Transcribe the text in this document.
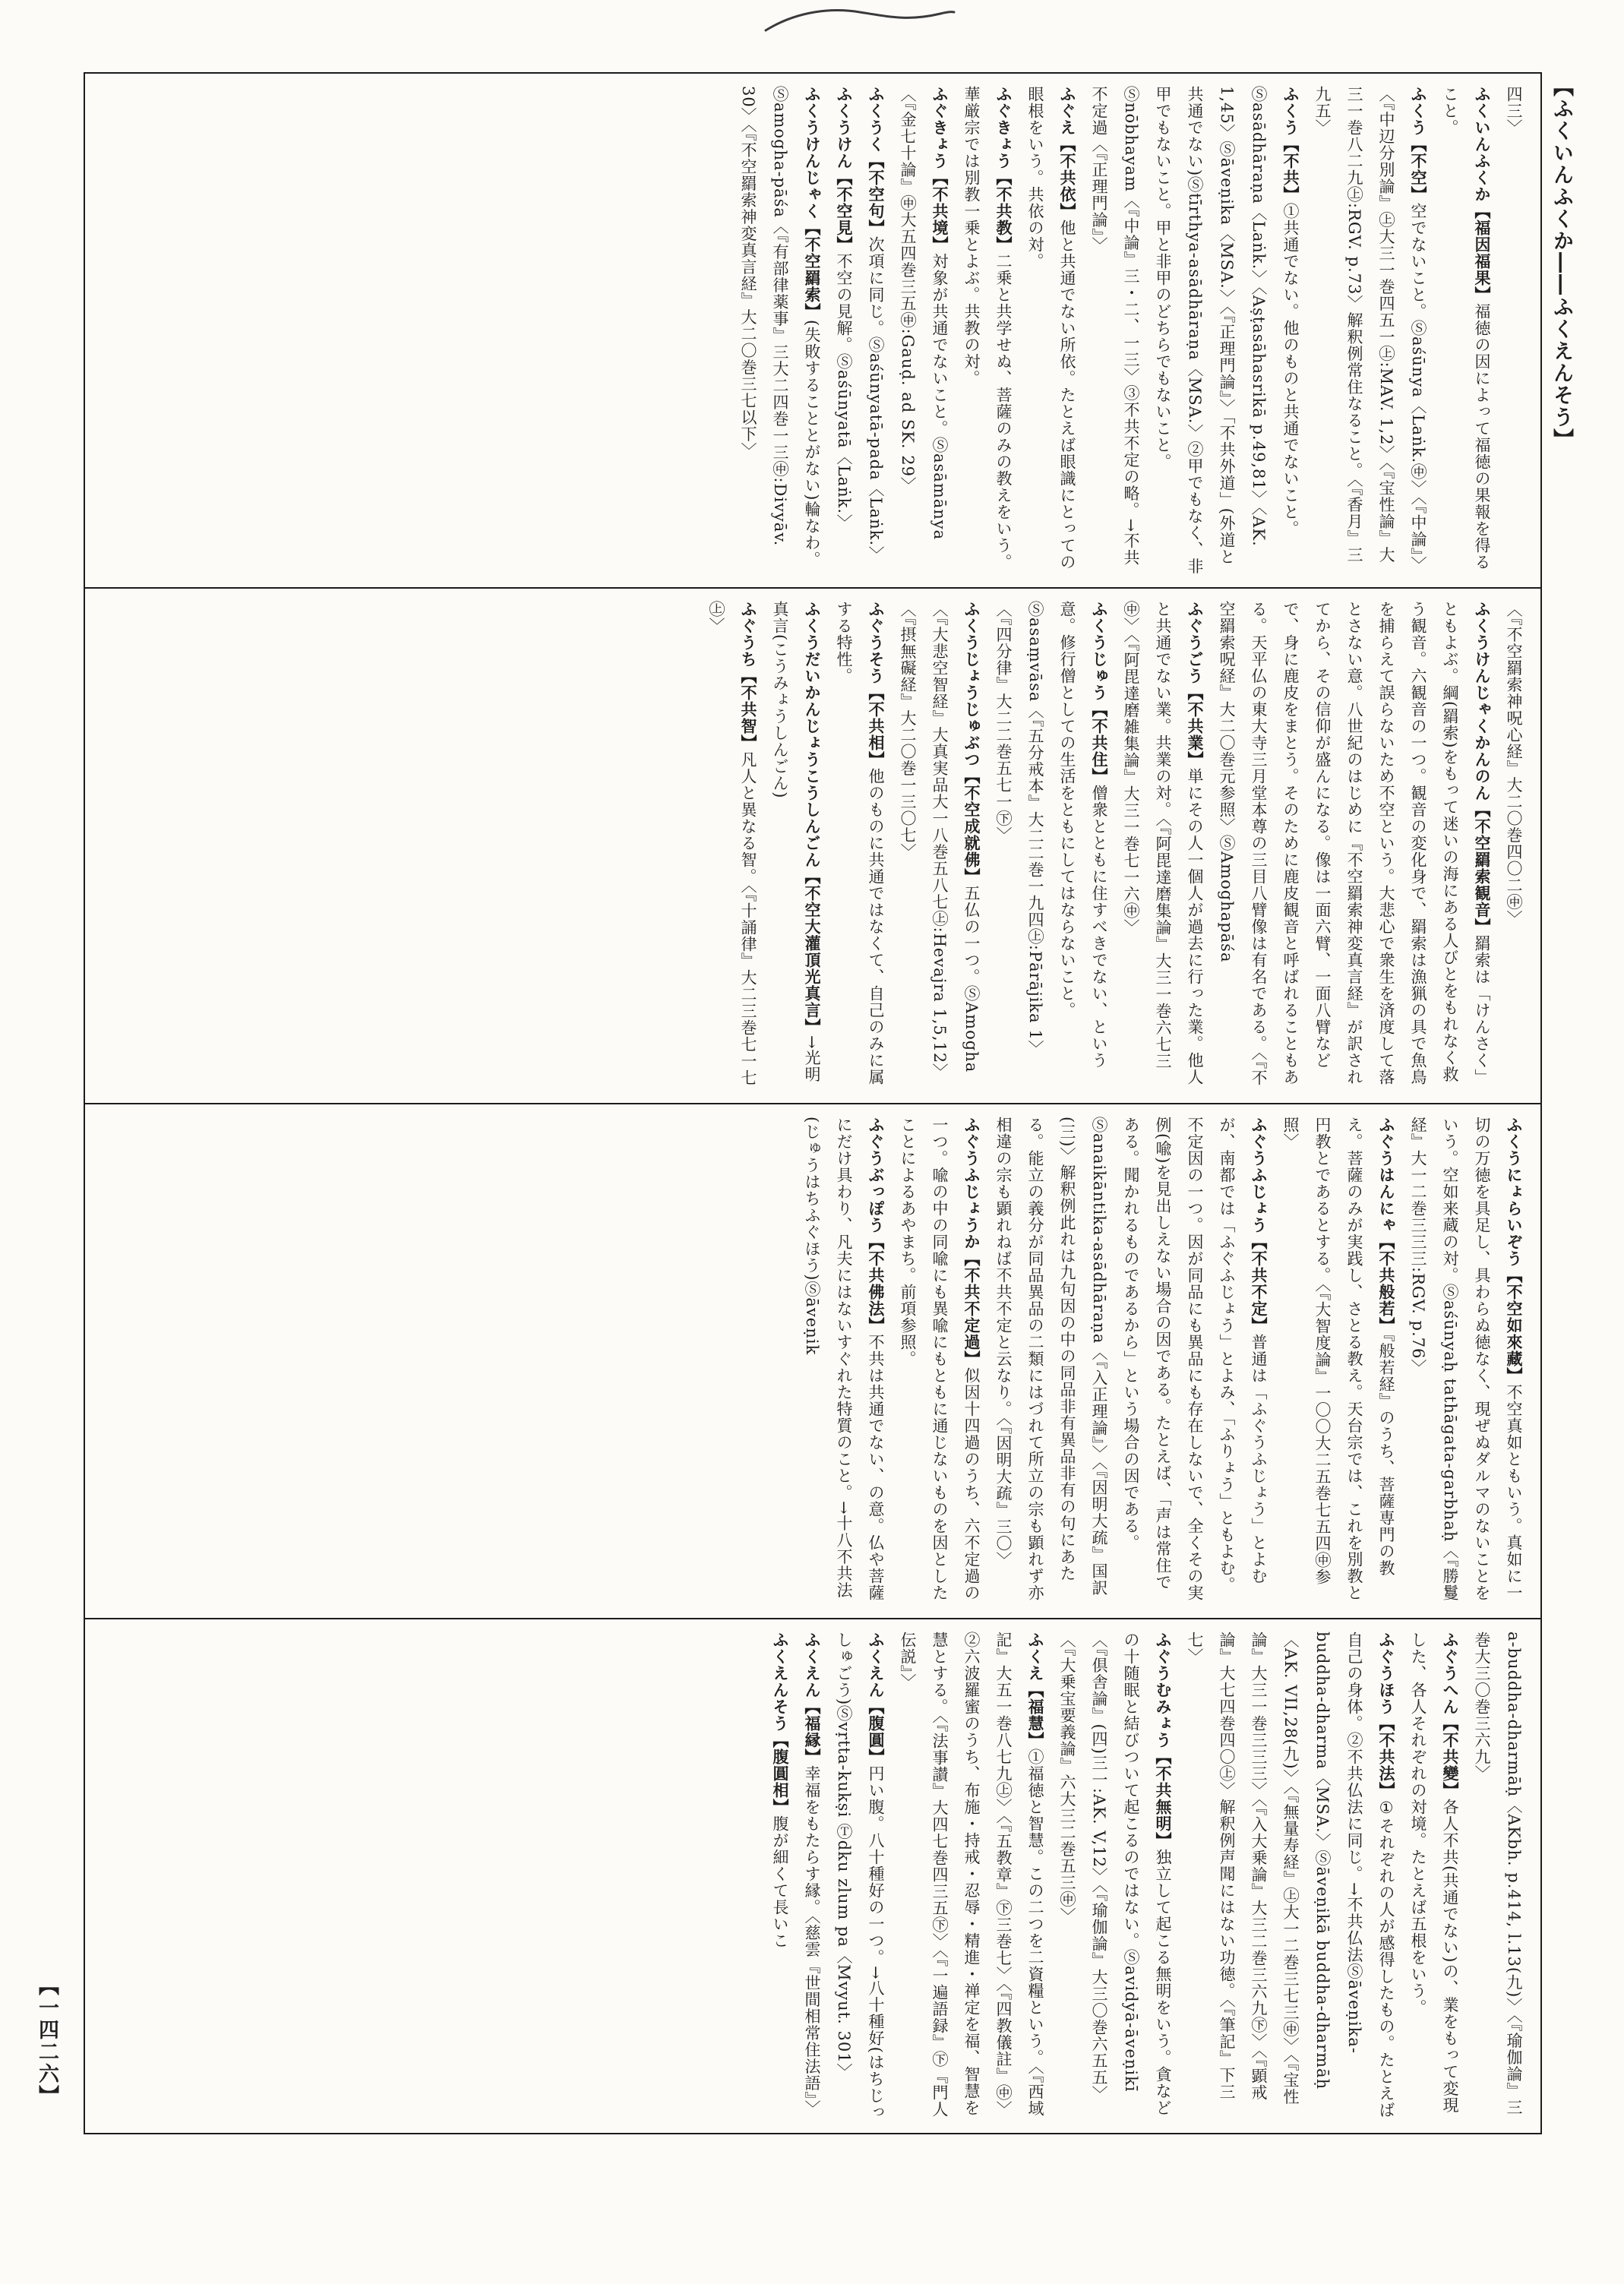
【ふくいんふくか――ふくえんそう】
四三〉
ふくいんふくか【福因福果】福徳の因によって福徳の果報を得ること。
ふくう【不空】空でないこと。Ⓢaśūnya〈Laṅk.㊥〉〈『中論』〉〈『中辺分別論』㊤大三一巻四五一㊤:MAV. 1,2〉〈『宝性論』大三一巻八二九㊤:RGV. p.73〉解釈例常住なること。〈『香月』三九五〉
ふくう【不共】①共通でない。他のものと共通でないこと。Ⓢasādhāraṇa〈Laṅk.〉〈Aṣṭasāhasrikā p.49,81〉〈AK. 1,45〉Ⓢāveṇika〈MSA.〉〈『正理門論』〉「不共外道」(外道と共通でない)Ⓢtīrthya-asādhāraṇa〈MSA.〉②甲でもなく、非甲でもないこと。甲と非甲のどちらでもないこと。Ⓢnōbhayam〈『中論』三・二、一三〉③不共不定の略。→不共不定過〈『正理門論』〉
ふぐえ【不共依】他と共通でない所依。たとえば眼識にとっての眼根をいう。共依の対。
ふぐきょう【不共教】二乗と共学せぬ、菩薩のみの教えをいう。華厳宗では別教一乗とよぶ。共教の対。
ふぐきょう【不共境】対象が共通でないこと。Ⓢasāmānya〈『金七十論』㊥大五四巻三五㊥:Gauḍ. ad SK. 29〉
ふくうく【不空句】次項に同じ。Ⓢaśūnyatā-pada〈Laṅk.〉
ふくうけん【不空見】不空の見解。Ⓢaśūnyatā〈Laṅk.〉
ふくうけんじゃく【不空羂索】(失敗することとがない)輪なわ。Ⓢamogha-pāśa〈『有部律薬事』三大二四巻一三㊥:Divyāv. 30〉〈『不空羂索神変真言経』大二〇巻三七以下〉
〈『不空羂索神呪心経』大二〇巻四〇二㊥〉
ふくうけんじゃくかんのん【不空羂索観音】羂索は「けんさく」ともよぶ。綱(羂索)をもって迷いの海にある人びとをもれなく救う観音。六観音の一つ。観音の変化身で、羂索は漁猟の具で魚鳥を捕らえて誤らないため不空という。大悲心で衆生を済度して落とさない意。八世紀のはじめに『不空羂索神変真言経』が訳されてから、その信仰が盛んになる。像は一面六臂、一面八臂などで、身に鹿皮をまとう。そのために鹿皮観音と呼ばれることもある。天平仏の東大寺三月堂本尊の三目八臂像は有名である。〈『不空羂索呪経』大二〇巻元参照〉ⓈAmoghapāśa
ふぐうごう【不共業】単にその人一個人が過去に行った業。他人と共通でない業。共業の対。〈『阿毘達磨集論』大三一巻六七三㊥〉〈『阿毘達磨雑集論』大三一巻七一六㊥〉
ふくうじゅう【不共住】僧衆とともに住すべきでない、という意。修行僧としての生活をともにしてはならないこと。Ⓢasaṃvāsa〈『五分戒本』大二二巻一九四㊤:Pārājika 1〉〈『四分律』大二二巻五七一㊦〉
ふくうじょうじゅぶつ【不空成就佛】五仏の一つ。ⓈAmogha〈『大悲空智経』大真実品大一八巻五八七㊤:Hevajra 1,5,12〉〈『摂無礙経』大二〇巻一三〇七〉
ふぐうそう【不共相】他のものに共通ではなくて、自己のみに属する特性。
ふくうだいかんじょうこうしんごん【不空大灌頂光真言】→光明真言(こうみょうしんごん)
ふぐうち【不共智】凡人と異なる智。〈『十誦律』大二三巻七一七㊤〉
ふくうにょらいぞう【不空如來藏】不空真如ともいう。真如に一切の万徳を具足し、具わらぬ徳なく、現ぜぬダルマのないことをいう。空如来蔵の対。Ⓢaśūnyaḥ tathāgata-garbhaḥ〈『勝鬘経』大一二巻三三三:RGV. p.76〉
ふぐうはんにゃ【不共般若】『般若経』のうち、菩薩専門の教え。菩薩のみが実践し、さとる教え。天台宗では、これを別教と円教とであるとする。〈『大智度論』一〇〇大二五巻七五四㊥参照〉
ふぐうふじょう【不共不定】普通は「ふぐうふじょう」とよむが、南都では「ふぐふじょう」とよみ、「ふりょう」ともよむ。不定因の一つ。因が同品にも異品にも存在しないで、全くその実例(喩)を見出しえない場合の因である。たとえば、「声は常住である。聞かれるものであるから」という場合の因である。Ⓢanaikāntika-asādhāraṇa〈『入正理論』〉〈『因明大疏』国訳(三)〉解釈例此れは九句因の中の同品非有異品非有の句にあたる。能立の義分が同品異品の二類にはづれて所立の宗も顕れず亦相違の宗も顕れねば不共不定と云なり。〈『因明大疏』三〇〉
ふぐうふじょうか【不共不定過】似因十四過のうち、六不定過の一つ。喩の中の同喩にも異喩にもともに通じないものを因としたことによるあやまち。前項参照。
ふぐうぶっぽう【不共佛法】不共は共通でない、の意。仏や菩薩にだけ具わり、凡夫にはないすぐれた特質のこと。→十八不共法(じゅうはちふぐほう)Ⓢāveṇik
a-buddha-dharmāḥ〈AKbh. p.414, l.13(九)〉〈『瑜伽論』三巻大三〇巻三六九〉
ふぐうへん【不共變】各人不共(共通でない)の、業をもって変現した、各人それぞれの対境。たとえば五根をいう。
ふぐうほう【不共法】①それぞれの人が感得したもの。たとえば自己の身体。②不共仏法に同じ。→不共仏法Ⓢāveṇika-buddha-dharma〈MSA.〉Ⓢāveṇikā buddha-dharmāḥ〈AK. VII,28(九)〉〈『無量寿経』㊤大一二巻三七三㊥〉〈『宝性論』大三一巻三三三〉〈『入大乗論』大三二巻三六九㊦〉〈『顕戒論』大七四巻四〇㊤〉解釈例声聞にはない功徳。〈『筆記』下三七〉
ふぐうむみょう【不共無明】独立して起こる無明をいう。貪などの十随眠と結びついて起こるのではない。Ⓢavidyā-āveṇikī〈『倶舎論』(四)三一:AK. V,12〉〈『瑜伽論』大三〇巻六五五〉〈『大乗宝要義論』六大三二巻五三㊥〉
ふくえ【福慧】①福徳と智慧。この二つを二資糧という。〈『西域記』大五一巻八七九㊤〉〈『五教章』㊦三巻七〉〈『四教儀註』㊥〉②六波羅蜜のうち、布施・持戒・忍辱・精進・禅定を福、智慧を慧とする。〈『法事讃』大四七巻四三五㊦〉〈『一遍語録』㊦『門人伝説』〉
ふくえん【腹圓】円い腹。八十種好の一つ。→八十種好(はちじっしゅごう)Ⓢvṛtta-kukṣi Ⓣdku zlum pa〈Mvyut. 301〉
ふくえん【福縁】幸福をもたらす縁。〈慈雲『世間相常住法語』〉
ふくえんそう【腹圓相】腹が細くて長いこ
【一四二六】
